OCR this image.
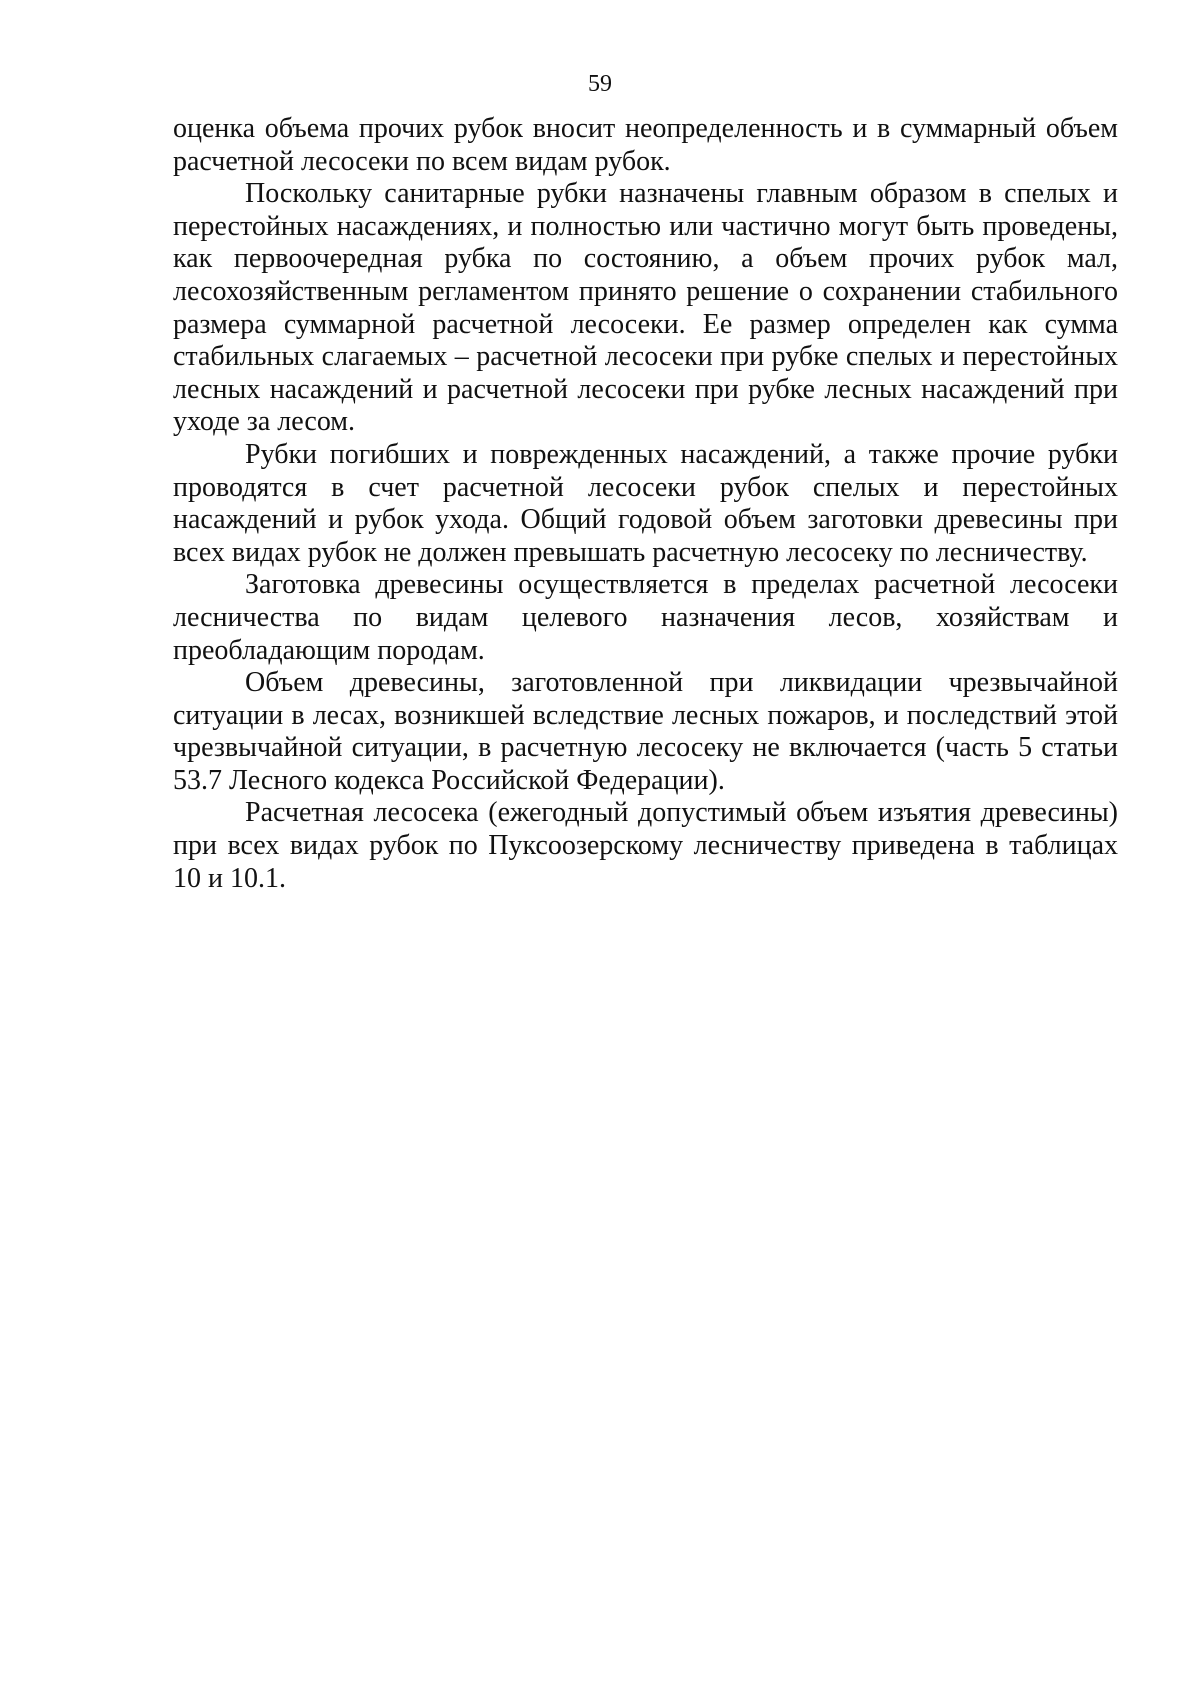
59

оценка объема прочих рубок вносит неопределенность и в суммарный объем расчетной лесосеки по всем видам рубок.

Поскольку санитарные рубки назначены главным образом в спелых и перестойных насаждениях, и полностью или частично могут быть проведены, как первоочередная рубка по состоянию, а объем прочих рубок мал, лесохозяйственным регламентом принято решение о сохранении стабильного размера суммарной расчетной лесосеки. Ее размер определен как сумма стабильных слагаемых – расчетной лесосеки при рубке спелых и перестойных лесных насаждений и расчетной лесосеки при рубке лесных насаждений при уходе за лесом.

Рубки погибших и поврежденных насаждений, а также прочие рубки проводятся в счет расчетной лесосеки рубок спелых и перестойных насаждений и рубок ухода. Общий годовой объем заготовки древесины при всех видах рубок не должен превышать расчетную лесосеку по лесничеству.

Заготовка древесины осуществляется в пределах расчетной лесосеки лесничества по видам целевого назначения лесов, хозяйствам и преобладающим породам.

Объем древесины, заготовленной при ликвидации чрезвычайной ситуации в лесах, возникшей вследствие лесных пожаров, и последствий этой чрезвычайной ситуации, в расчетную лесосеку не включается (часть 5 статьи 53.7 Лесного кодекса Российской Федерации).

Расчетная лесосека (ежегодный допустимый объем изъятия древесины) при всех видах рубок по Пуксоозерскому лесничеству приведена в таблицах 10 и 10.1.
